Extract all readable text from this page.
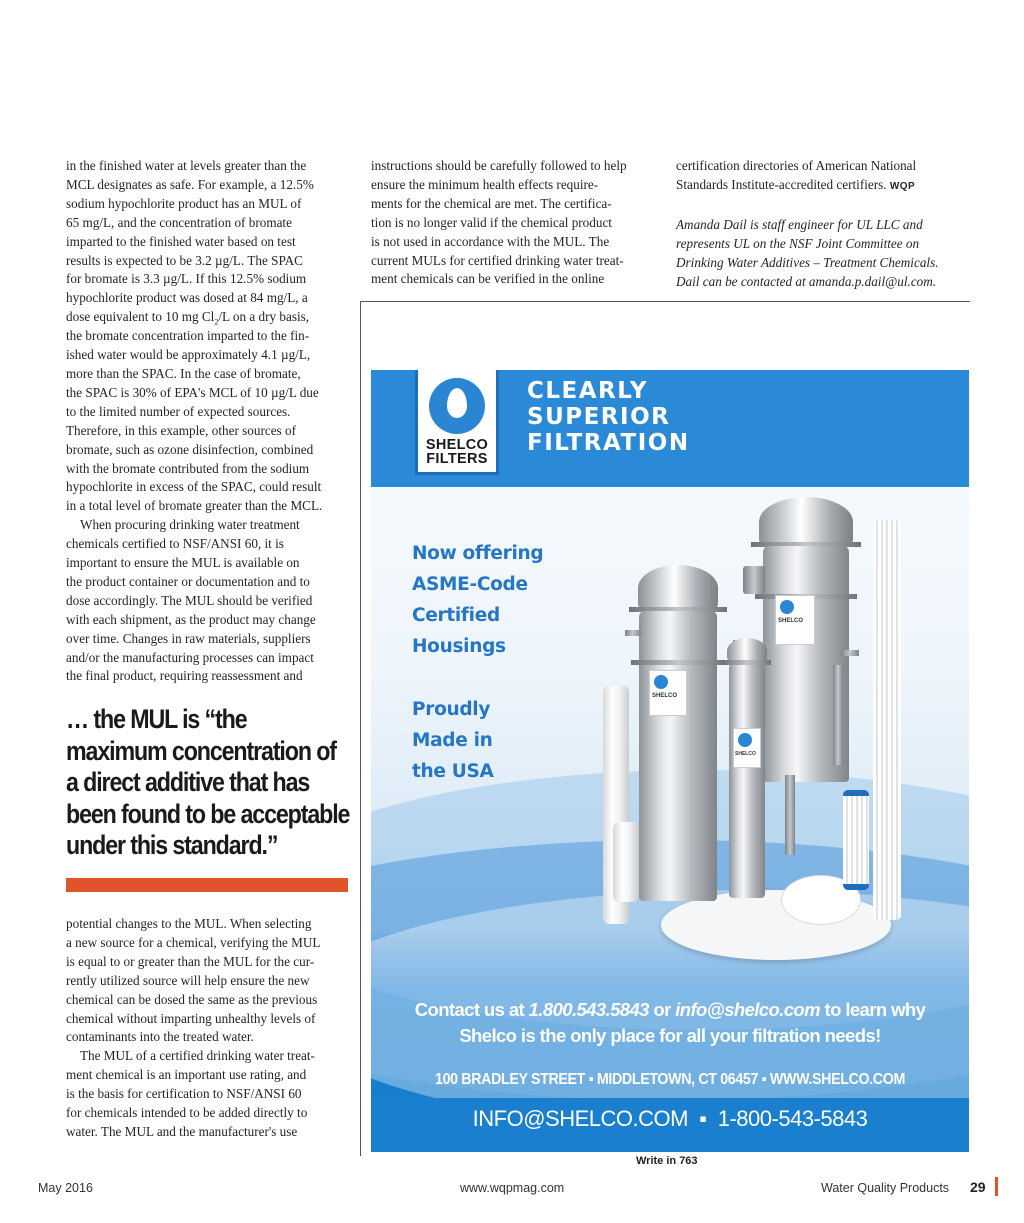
in the finished water at levels greater than the

MCL designates as safe. For example, a 12.5%

sodium hypochlorite product has an MUL of

65 mg/L, and the concentration of bromate

imparted to the finished water based on test

results is expected to be 3.2 µg/L. The SPAC

for bromate is 3.3 µg/L. If this 12.5% sodium

hypochlorite product was dosed at 84 mg/L, a

dose equivalent to 10 mg $Cl_2/L$ on a dry basis,

the bromate concentration imparted to the fin-

ished water would be approximately 4.1 µg/L,

more than the SPAC. In the case of bromate,

the SPAC is 30% of EPA's MCL of 10 µg/L due

to the limited number of expected sources.

Therefore, in this example, other sources of

bromate, such as ozone disinfection, combined

with the bromate contributed from the sodium

hypochlorite in excess of the SPAC, could result

in a total level of bromate greater than the MCL.

When procuring drinking water treatment

chemicals certified to NSF/ANSI 60, it is

important to ensure the MUL is available on

the product container or documentation and to

dose accordingly. The MUL should be verified

with each shipment, as the product may change

over time. Changes in raw materials, suppliers

and/or the manufacturing processes can impact

the final product, requiring reassessment and

… the MUL is “the
maximum concentration of
a direct additive that has
been found to be acceptable
under this standard.”

potential changes to the MUL. When selecting

a new source for a chemical, verifying the MUL

is equal to or greater than the MUL for the cur-

rently utilized source will help ensure the new

chemical can be dosed the same as the previous

chemical without imparting unhealthy levels of

contaminants into the treated water.

The MUL of a certified drinking water treat-

ment chemical is an important use rating, and

is the basis for certification to NSF/ANSI 60

for chemicals intended to be added directly to

water. The MUL and the manufacturer's use

instructions should be carefully followed to help

ensure the minimum health effects require-

ments for the chemical are met. The certifica-

tion is no longer valid if the chemical product

is not used in accordance with the MUL. The

current MULs for certified drinking water treat-

ment chemicals can be verified in the online

certification directories of American National

Standards Institute-accredited certifiers. WQP

Amanda Dail is staff engineer for UL LLC and

represents UL on the NSF Joint Committee on

Drinking Water Additives – Treatment Chemicals.

Dail can be contacted at amanda.p.dail@ul.com.

SHELCO
FILTERS
CLEARLY
SUPERIOR
FILTRATION
Now offering
ASME-Code
Certified
Housings
Proudly
Made in
the USA
SHELCO
SHELCO
SHELCO
Contact us at 1.800.543.5843 or info@shelco.com to learn why
Shelco is the only place for all your filtration needs!
100 BRADLEY STREET ▪ MIDDLETOWN, CT 06457 ▪ WWW.SHELCO.COM
INFO@SHELCO.COM ▪ 1-800-543-5843
Write in 763
May 2016	www.wqpmag.com	Water Quality Products 29
